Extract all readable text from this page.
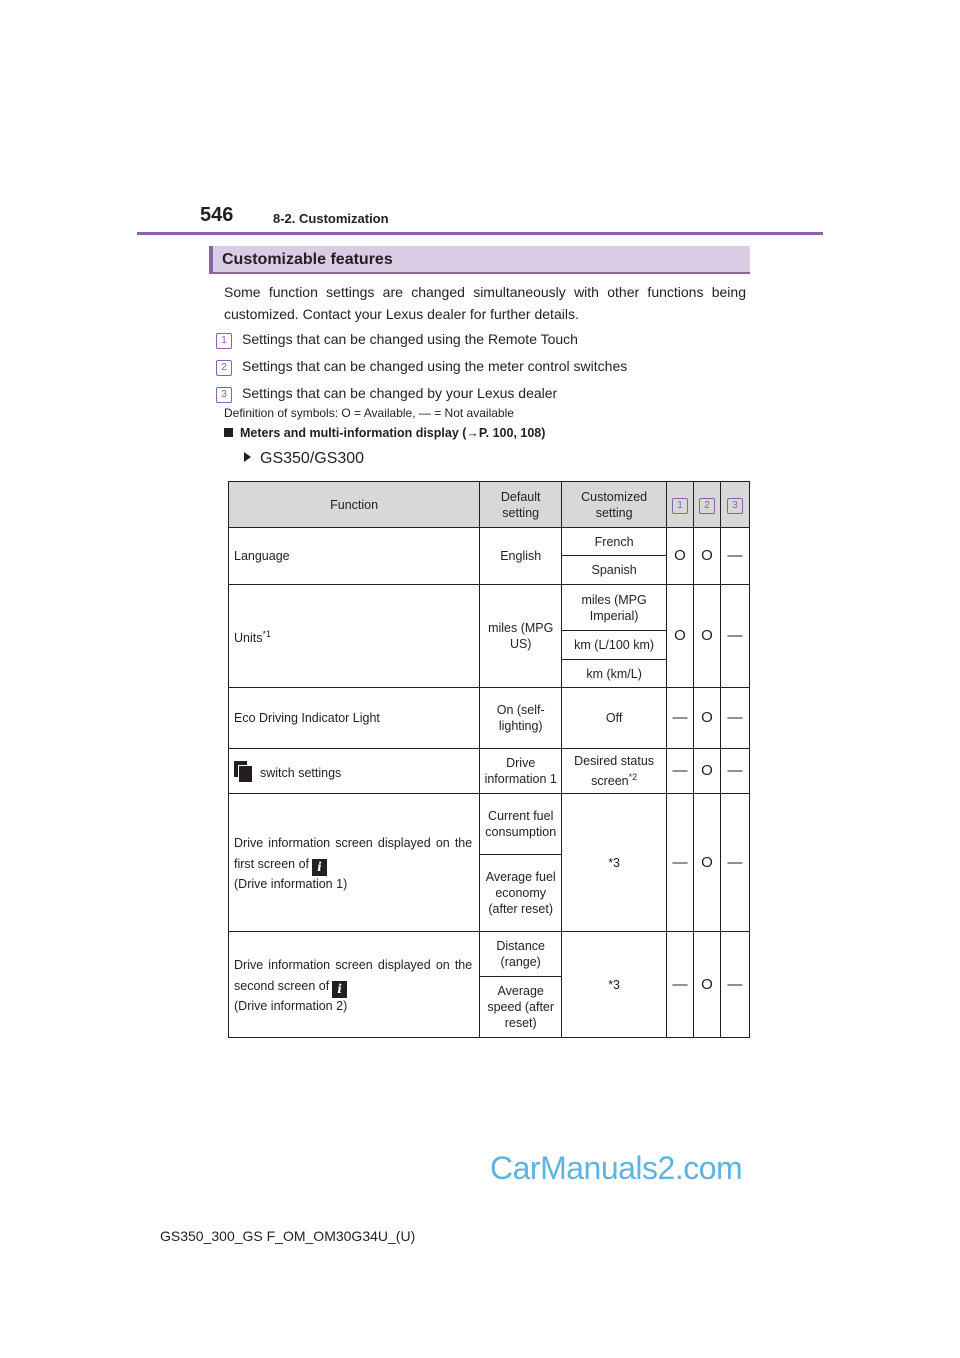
546	8-2. Customization
Customizable features
Some function settings are changed simultaneously with other functions being customized. Contact your Lexus dealer for further details.
1 Settings that can be changed using the Remote Touch
2 Settings that can be changed using the meter control switches
3 Settings that can be changed by your Lexus dealer
Definition of symbols: O = Available, — = Not available
Meters and multi-information display (→P. 100, 108)
GS350/GS300
Function	Default setting	Customized setting	1	2	3
Language	English	French	O	O	—
		Spanish			
Units$^{*1}$	miles (MPG US)	miles (MPG Imperial)	O	O	—
		km (L/100 km)			
		km (km/L)			
Eco Driving Indicator Light	On (self-lighting)	Off	—	O	—
switch settings	Drive information 1	Desired status screen$^{*2}$	—	O	—

Drive information screen displayed on the first screen of i
(Drive information 1)	Current fuel consumption	*3	—	O	—
	Average fuel economy (after reset)				

Drive information screen displayed on the second screen of i
(Drive information 2)	Distance (range)	*3	—	O	—
	Average speed (after reset)				
CarManuals2.com
GS350_300_GS F_OM_OM30G34U_(U)
